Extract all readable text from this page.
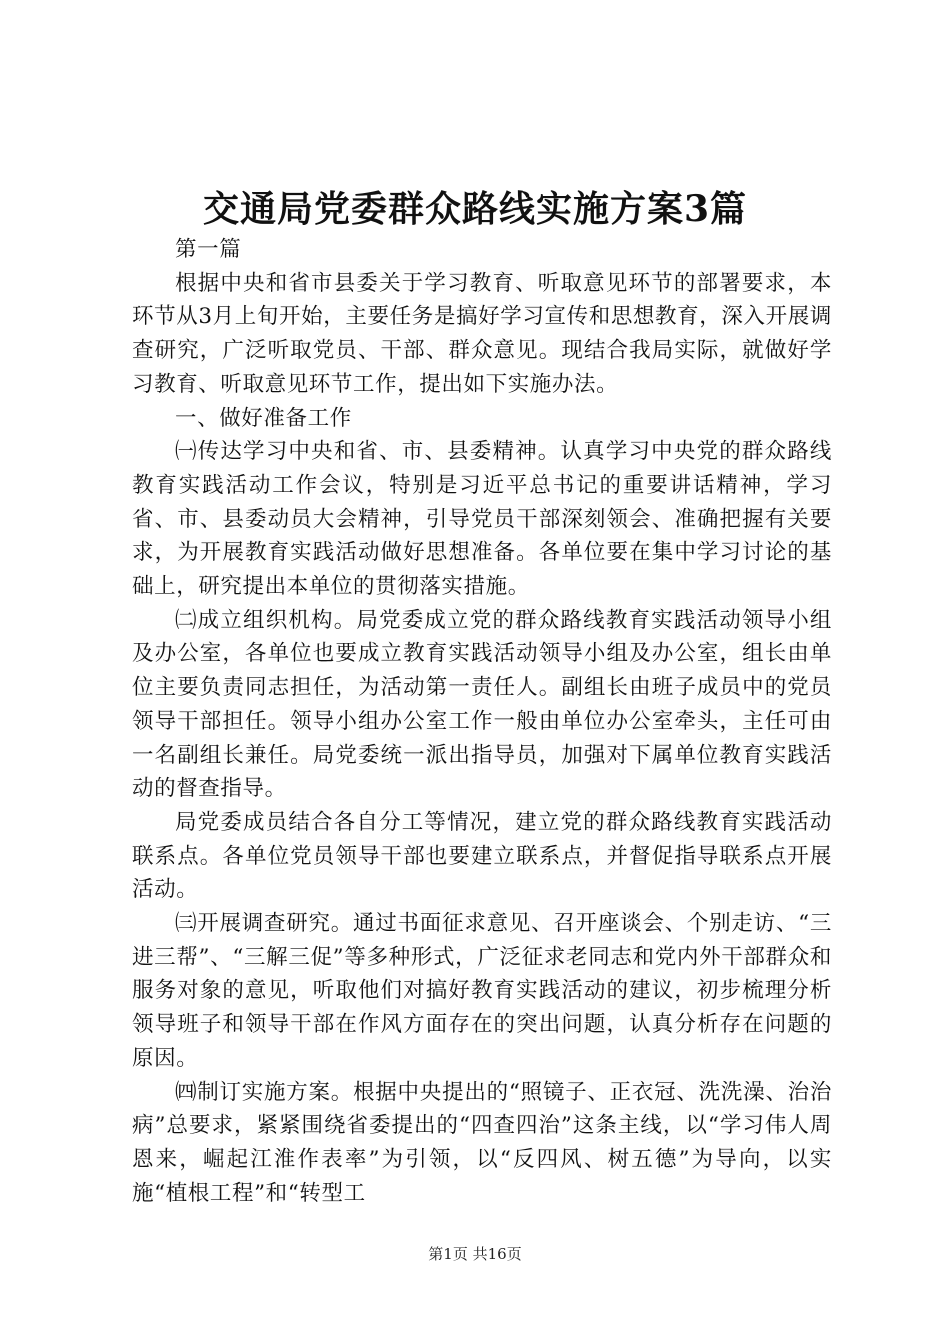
交通局党委群众路线实施方案3篇

第一篇

根据中央和省市县委关于学习教育、听取意见环节的部署要求，本环节从3月上旬开始，主要任务是搞好学习宣传和思想教育，深入开展调查研究，广泛听取党员、干部、群众意见。现结合我局实际，就做好学习教育、听取意见环节工作，提出如下实施办法。

一、做好准备工作

㈠传达学习中央和省、市、县委精神。认真学习中央党的群众路线教育实践活动工作会议，特别是习近平总书记的重要讲话精神，学习省、市、县委动员大会精神，引导党员干部深刻领会、准确把握有关要求，为开展教育实践活动做好思想准备。各单位要在集中学习讨论的基础上，研究提出本单位的贯彻落实措施。

㈡成立组织机构。局党委成立党的群众路线教育实践活动领导小组及办公室，各单位也要成立教育实践活动领导小组及办公室，组长由单位主要负责同志担任，为活动第一责任人。副组长由班子成员中的党员领导干部担任。领导小组办公室工作一般由单位办公室牵头，主任可由一名副组长兼任。局党委统一派出指导员，加强对下属单位教育实践活动的督查指导。

局党委成员结合各自分工等情况，建立党的群众路线教育实践活动联系点。各单位党员领导干部也要建立联系点，并督促指导联系点开展活动。

㈢开展调查研究。通过书面征求意见、召开座谈会、个别走访、“三进三帮”、“三解三促”等多种形式，广泛征求老同志和党内外干部群众和服务对象的意见，听取他们对搞好教育实践活动的建议，初步梳理分析领导班子和领导干部在作风方面存在的突出问题，认真分析存在问题的原因。

㈣制订实施方案。根据中央提出的“照镜子、正衣冠、洗洗澡、治治病”总要求，紧紧围绕省委提出的“四查四治”这条主线，以“学习伟人周恩来，崛起江淮作表率”为引领，以“反四风、树五德”为导向，以实施“植根工程”和“转型工

第1页 共16页
